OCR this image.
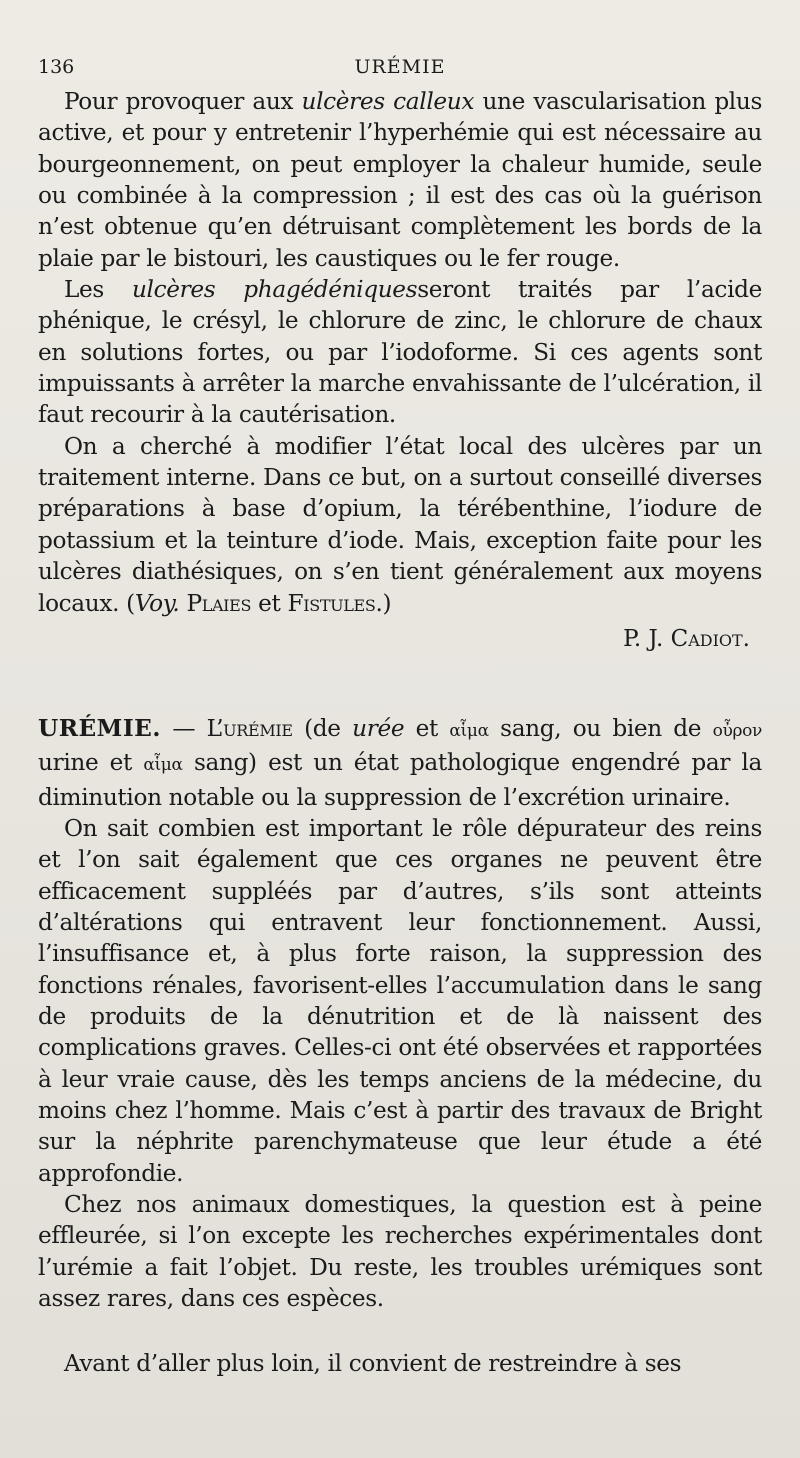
136	URÉMIE

Pour provoquer aux ulcères calleux une vascularisation plus active, et pour y entretenir l’hyperhémie qui est nécessaire au bourgeonnement, on peut employer la chaleur humide, seule ou combinée à la compression ; il est des cas où la guérison n’est obtenue qu’en détruisant complètement les bords de la plaie par le bistouri, les caustiques ou le fer rouge.

Les ulcères phagédéniquesseront traités par l’acide phénique, le crésyl, le chlorure de zinc, le chlorure de chaux en solutions fortes, ou par l’iodoforme. Si ces agents sont impuissants à arrêter la marche envahissante de l’ulcération, il faut recourir à la cautérisation.

On a cherché à modifier l’état local des ulcères par un traitement interne. Dans ce but, on a surtout conseillé diverses préparations à base d’opium, la térébenthine, l’iodure de potassium et la teinture d’iode. Mais, exception faite pour les ulcères diathésiques, on s’en tient généralement aux moyens locaux. (Voy. Plaies et Fistules.)

P. J. Cadiot.

URÉMIE. — L’urémie (de urée et αἷμα sang, ou bien de οὖρον urine et αἷμα sang) est un état pathologique engendré par la diminution notable ou la suppression de l’excrétion urinaire.

On sait combien est important le rôle dépurateur des reins et l’on sait également que ces organes ne peuvent être efficacement suppléés par d’autres, s’ils sont atteints d’altérations qui entravent leur fonctionnement. Aussi, l’insuffisance et, à plus forte raison, la suppression des fonctions rénales, favorisent-elles l’accumulation dans le sang de produits de la dénutrition et de là naissent des complications graves. Celles-ci ont été observées et rapportées à leur vraie cause, dès les temps anciens de la médecine, du moins chez l’homme. Mais c’est à partir des travaux de Bright sur la néphrite parenchymateuse que leur étude a été approfondie.

Chez nos animaux domestiques, la question est à peine effleurée, si l’on excepte les recherches expérimentales dont l’urémie a fait l’objet. Du reste, les troubles urémiques sont assez rares, dans ces espèces.

Avant d’aller plus loin, il convient de restreindre à ses
